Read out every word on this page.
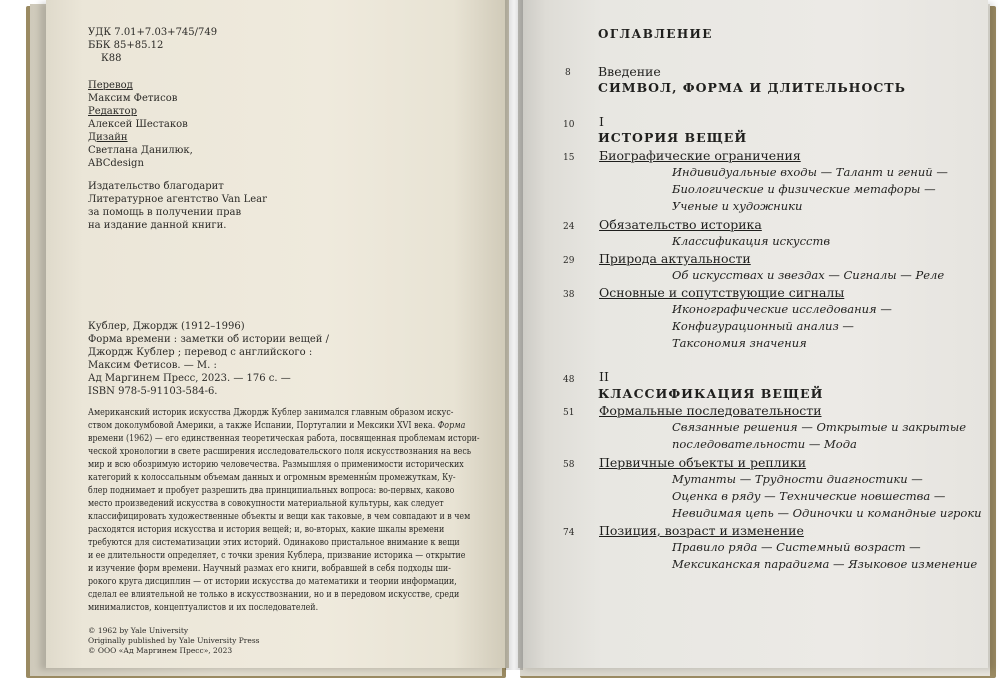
УДК 7.01+7.03+745/749
ББК 85+85.12
К88
Перевод
Максим Фетисов
Редактор
Алексей Шестаков
Дизайн
Светлана Данилюк,
ABCdesign
Издательство благодарит
Литературное агентство Van Lear
за помощь в получении прав
на издание данной книги.
Кублер, Джордж (1912–1996)
Форма времени : заметки об истории вещей /
Джордж Кублер ; перевод с английского :
Максим Фетисов. — М. :
Ад Маргинем Пресс, 2023. — 176 с. —
ISBN 978-5-91103-584-6.
Американский историк искусства Джордж Кублер занимался главным образом искус-
ством доколумбовой Америки, а также Испании, Португалии и Мексики XVI века. Форма
времени (1962) — его единственная теоретическая работа, посвященная проблемам истори-
ческой хронологии в свете расширения исследовательского поля искусствознания на весь
мир и всю обозримую историю человечества. Размышляя о применимости исторических
категорий к колоссальным объемам данных и огромным временны́м промежуткам, Ку-
блер поднимает и пробует разрешить два принципиальных вопроса: во-первых, каково
место произведений искусства в совокупности материальной культуры, как следует
классифицировать художественные объекты и вещи как таковые, в чем совпадают и в чем
расходятся история искусства и история вещей; и, во-вторых, какие шкалы времени
требуются для систематизации этих историй. Одинаково пристальное внимание к вещи
и ее длительности определяет, с точки зрения Кублера, призвание историка — открытие
и изучение форм времени. Научный размах его книги, вобравшей в себя подходы ши-
рокого круга дисциплин — от истории искусства до математики и теории информации,
сделал ее влиятельной не только в искусствознании, но и в передовом искусстве, среди
минималистов, концептуалистов и их последователей.
© 1962 by Yale University
Originally published by Yale University Press
© ООО «Ад Маргинем Пресс», 2023
ОГЛАВЛЕНИЕ
8 Введение
СИМВОЛ, ФОРМА И ДЛИТЕЛЬНОСТЬ
10 I
ИСТОРИЯ ВЕЩЕЙ
15 Биографические ограничения
Индивидуальные входы — Талант и гений —
Биологические и физические метафоры —
Ученые и художники
24 Обязательство историка
Классификация искусств
29 Природа актуальности
Об искусствах и звездах — Сигналы — Реле
38 Основные и сопутствующие сигналы
Иконографические исследования —
Конфигурационный анализ —
Таксономия значения
48 II
КЛАССИФИКАЦИЯ ВЕЩЕЙ
51 Формальные последовательности
Связанные решения — Открытые и закрытые
последовательности — Мода
58 Первичные объекты и реплики
Мутанты — Трудности диагностики —
Оценка в ряду — Технические новшества —
Невидимая цепь — Одиночки и командные игроки
74 Позиция, возраст и изменение
Правило ряда — Системный возраст —
Мексиканская парадигма — Языковое изменение
